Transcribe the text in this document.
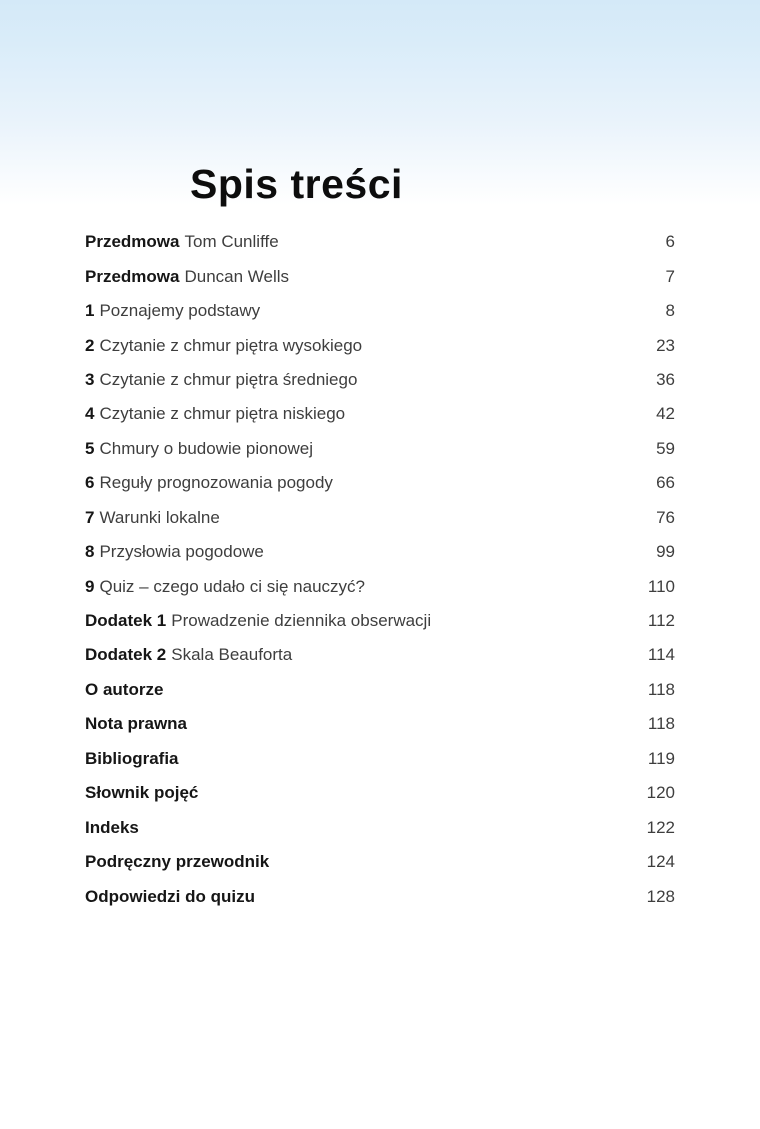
Spis treści
Przedmowa Tom Cunliffe	6
Przedmowa Duncan Wells	7
1 Poznajemy podstawy	8
2 Czytanie z chmur piętra wysokiego	23
3 Czytanie z chmur piętra średniego	36
4 Czytanie z chmur piętra niskiego	42
5 Chmury o budowie pionowej	59
6 Reguły prognozowania pogody	66
7 Warunki lokalne	76
8 Przysłowia pogodowe	99
9 Quiz – czego udało ci się nauczyć?	110
Dodatek 1 Prowadzenie dziennika obserwacji	112
Dodatek 2 Skala Beauforta	114
O autorze	118
Nota prawna	118
Bibliografia	119
Słownik pojęć	120
Indeks	122
Podręczny przewodnik	124
Odpowiedzi do quizu	128
